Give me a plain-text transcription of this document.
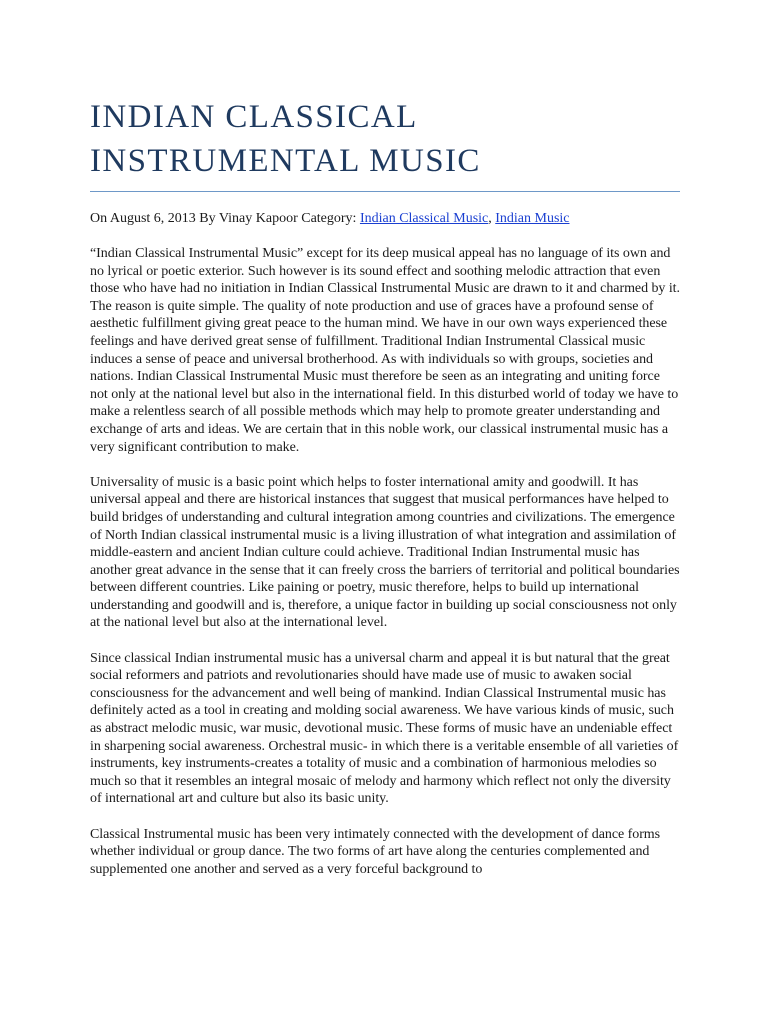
INDIAN CLASSICAL INSTRUMENTAL MUSIC
On August 6, 2013 By Vinay Kapoor Category: Indian Classical Music, Indian Music

“Indian Classical Instrumental Music” except for its deep musical appeal has no language of its own and no lyrical or poetic exterior. Such however is its sound effect and soothing melodic attraction that even those who have had no initiation in Indian Classical Instrumental Music are drawn to it and charmed by it. The reason is quite simple. The quality of note production and use of graces have a profound sense of aesthetic fulfillment giving great peace to the human mind. We have in our own ways experienced these feelings and have derived great sense of fulfillment. Traditional Indian Instrumental Classical music induces a sense of peace and universal brotherhood. As with individuals so with groups, societies and nations. Indian Classical Instrumental Music must therefore be seen as an integrating and uniting force not only at the national level but also in the international field. In this disturbed world of today we have to make a relentless search of all possible methods which may help to promote greater understanding and exchange of arts and ideas. We are certain that in this noble work, our classical instrumental music has a very significant contribution to make.

Universality of music is a basic point which helps to foster international amity and goodwill. It has universal appeal and there are historical instances that suggest that musical performances have helped to build bridges of understanding and cultural integration among countries and civilizations. The emergence of North Indian classical instrumental music is a living illustration of what integration and assimilation of middle-eastern and ancient Indian culture could achieve. Traditional Indian Instrumental music has another great advance in the sense that it can freely cross the barriers of territorial and political boundaries between different countries. Like paining or poetry, music therefore, helps to build up international understanding and goodwill and is, therefore, a unique factor in building up social consciousness not only at the national level but also at the international level.

Since classical Indian instrumental music has a universal charm and appeal it is but natural that the great social reformers and patriots and revolutionaries should have made use of music to awaken social consciousness for the advancement and well being of mankind. Indian Classical Instrumental music has definitely acted as a tool in creating and molding social awareness. We have various kinds of music, such as abstract melodic music, war music, devotional music. These forms of music have an undeniable effect in sharpening social awareness. Orchestral music- in which there is a veritable ensemble of all varieties of instruments, key instruments-creates a totality of music and a combination of harmonious melodies so much so that it resembles an integral mosaic of melody and harmony which reflect not only the diversity of international art and culture but also its basic unity.

Classical Instrumental music has been very intimately connected with the development of dance forms whether individual or group dance. The two forms of art have along the centuries complemented and supplemented one another and served as a very forceful background to
